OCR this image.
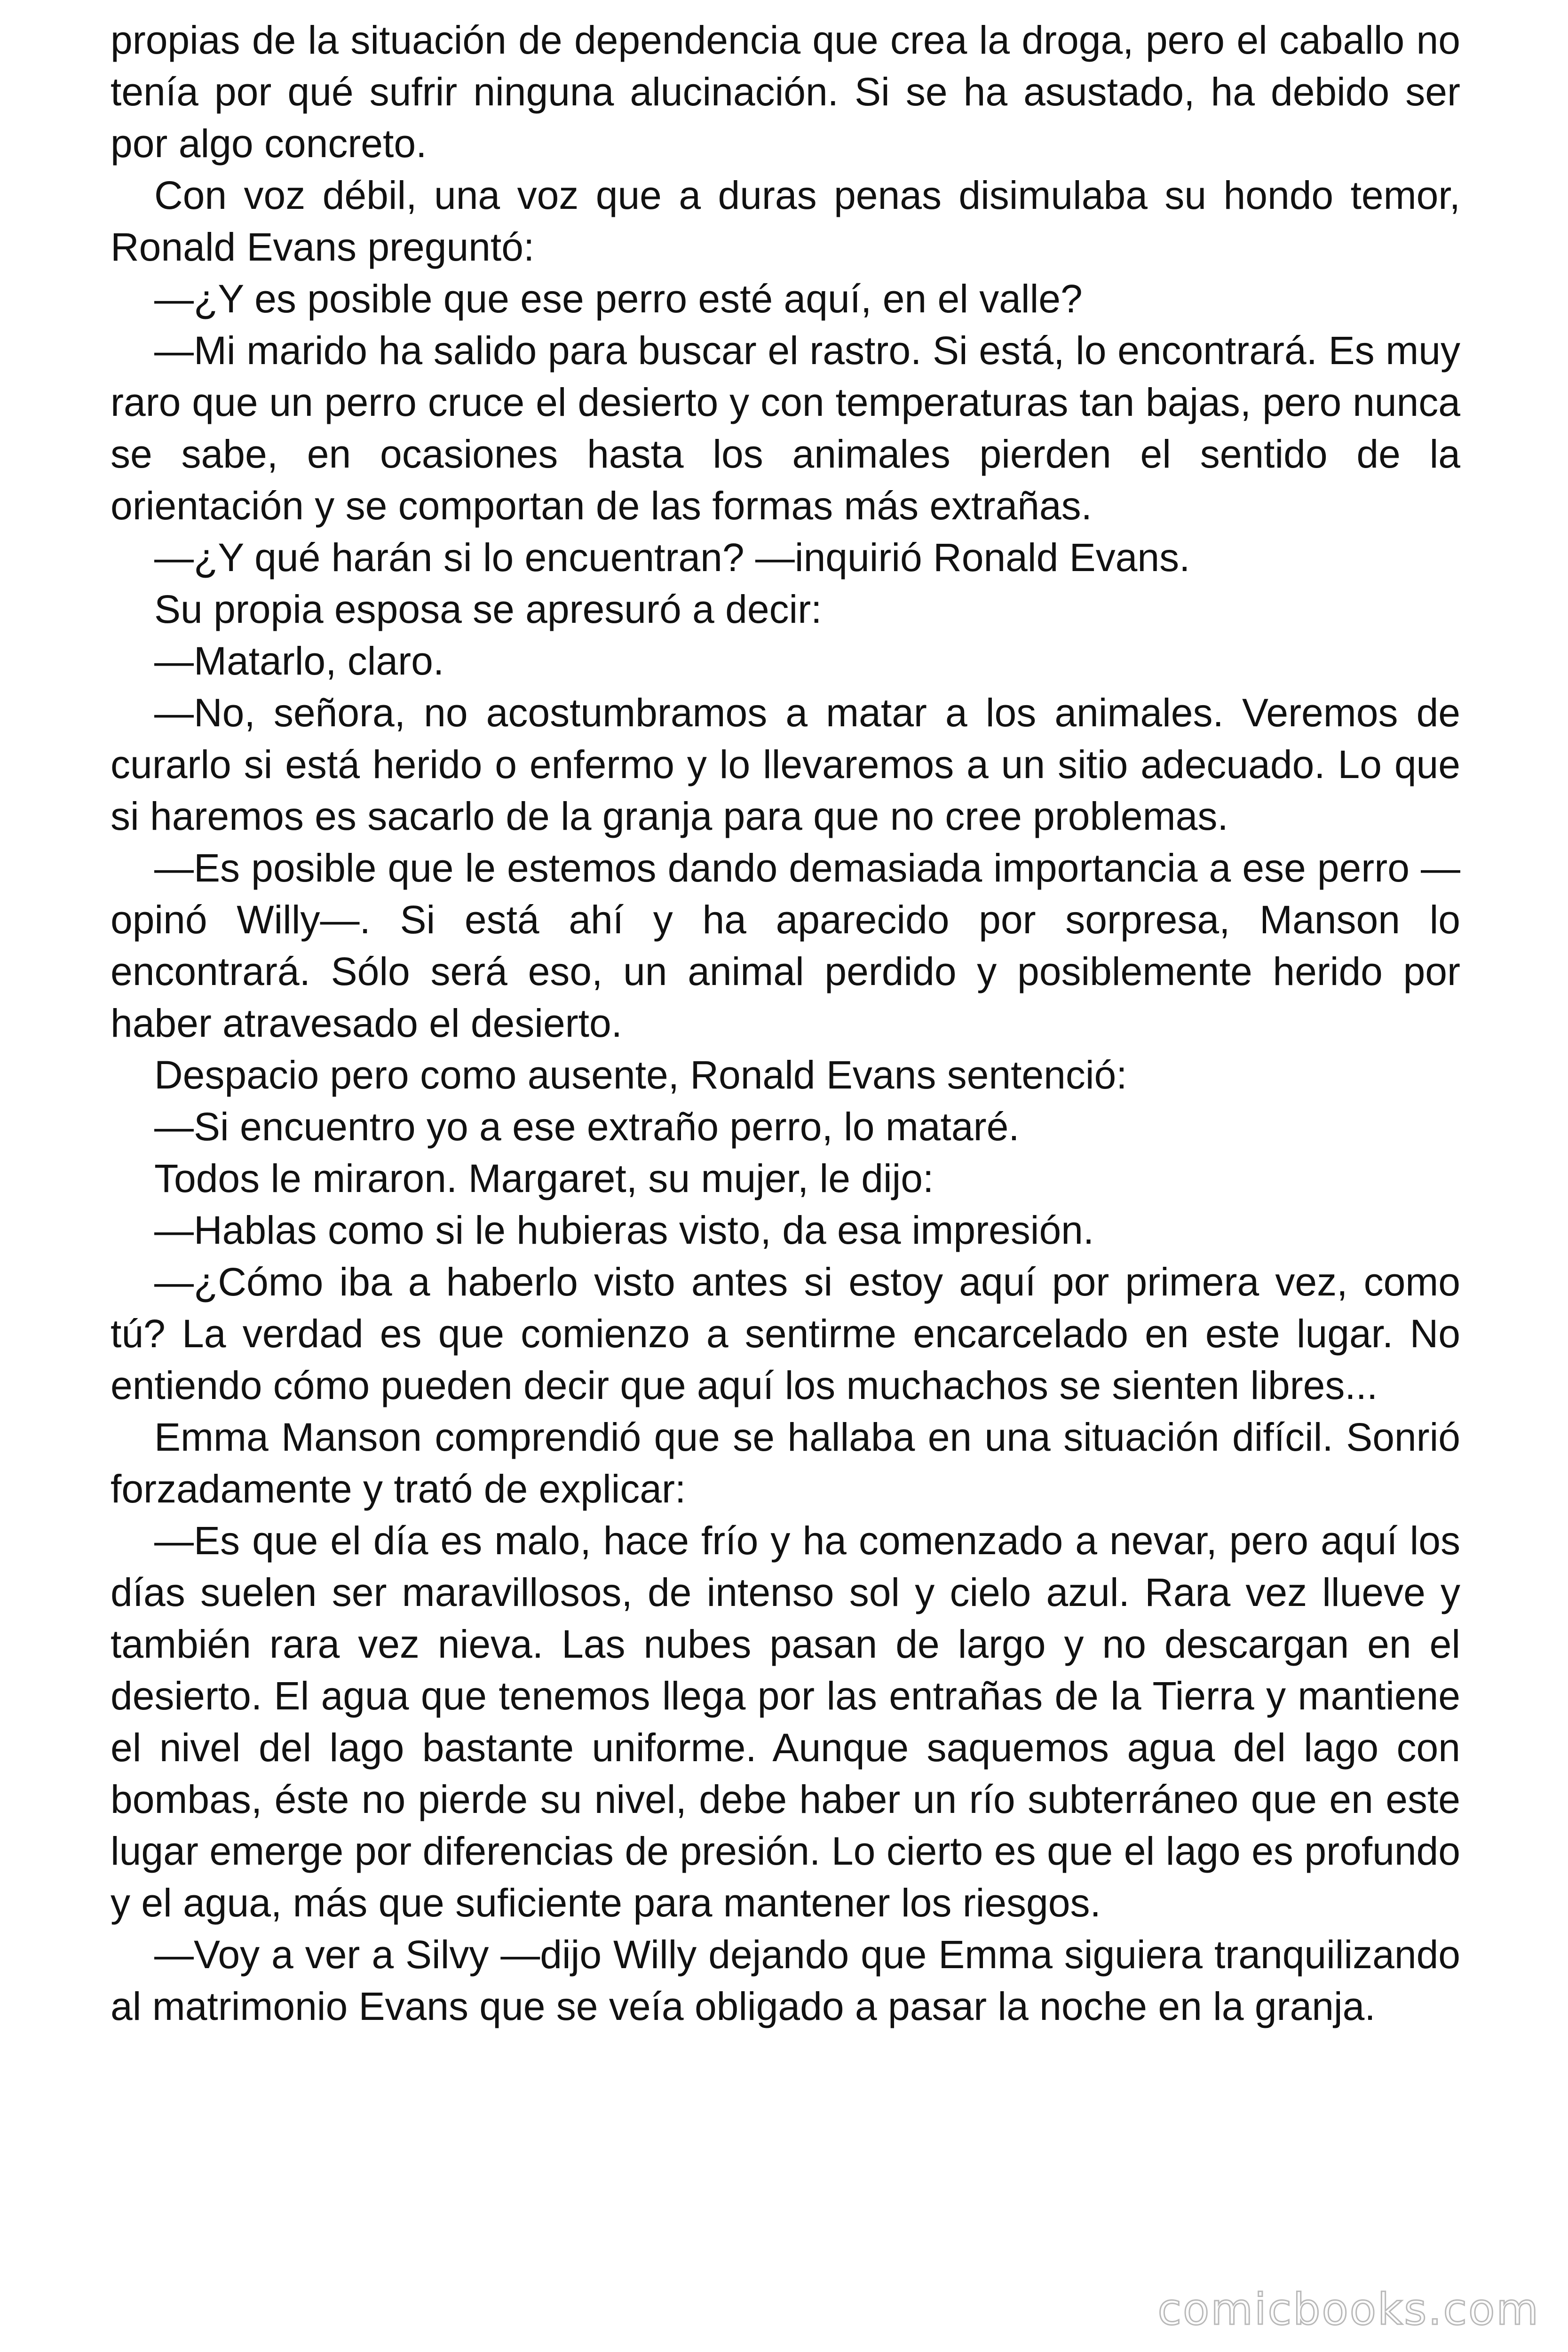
propias de la situación de dependencia que crea la droga, pero el caballo no tenía por qué sufrir ninguna alucinación. Si se ha asustado, ha debido ser por algo concreto.

Con voz débil, una voz que a duras penas disimulaba su hondo temor, Ronald Evans preguntó:

—¿Y es posible que ese perro esté aquí, en el valle?

—Mi marido ha salido para buscar el rastro. Si está, lo encontrará. Es muy raro que un perro cruce el desierto y con temperaturas tan bajas, pero nunca se sabe, en ocasiones hasta los animales pierden el sentido de la orientación y se comportan de las formas más extrañas.

—¿Y qué harán si lo encuentran? —inquirió Ronald Evans.

Su propia esposa se apresuró a decir:

—Matarlo, claro.

—No, señora, no acostumbramos a matar a los animales. Veremos de curarlo si está herido o enfermo y lo llevaremos a un sitio adecuado. Lo que si haremos es sacarlo de la granja para que no cree problemas.

—Es posible que le estemos dando demasiada importancia a ese perro —opinó Willy—. Si está ahí y ha aparecido por sorpresa, Manson lo encontrará. Sólo será eso, un animal perdido y posiblemente herido por haber atravesado el desierto.

Despacio pero como ausente, Ronald Evans sentenció:

—Si encuentro yo a ese extraño perro, lo mataré.

Todos le miraron. Margaret, su mujer, le dijo:

—Hablas como si le hubieras visto, da esa impresión.

—¿Cómo iba a haberlo visto antes si estoy aquí por primera vez, como tú? La verdad es que comienzo a sentirme encarcelado en este lugar. No entiendo cómo pueden decir que aquí los muchachos se sienten libres...

Emma Manson comprendió que se hallaba en una situación difícil. Sonrió forzadamente y trató de explicar:

—Es que el día es malo, hace frío y ha comenzado a nevar, pero aquí los días suelen ser maravillosos, de intenso sol y cielo azul. Rara vez llueve y también rara vez nieva. Las nubes pasan de largo y no descargan en el desierto. El agua que tenemos llega por las entrañas de la Tierra y mantiene el nivel del lago bastante uniforme. Aunque saquemos agua del lago con bombas, éste no pierde su nivel, debe haber un río subterráneo que en este lugar emerge por diferencias de presión. Lo cierto es que el lago es profundo y el agua, más que suficiente para mantener los riesgos.

—Voy a ver a Silvy —dijo Willy dejando que Emma siguiera tranquilizando al matrimonio Evans que se veía obligado a pasar la noche en la granja.

comicbooks.com
